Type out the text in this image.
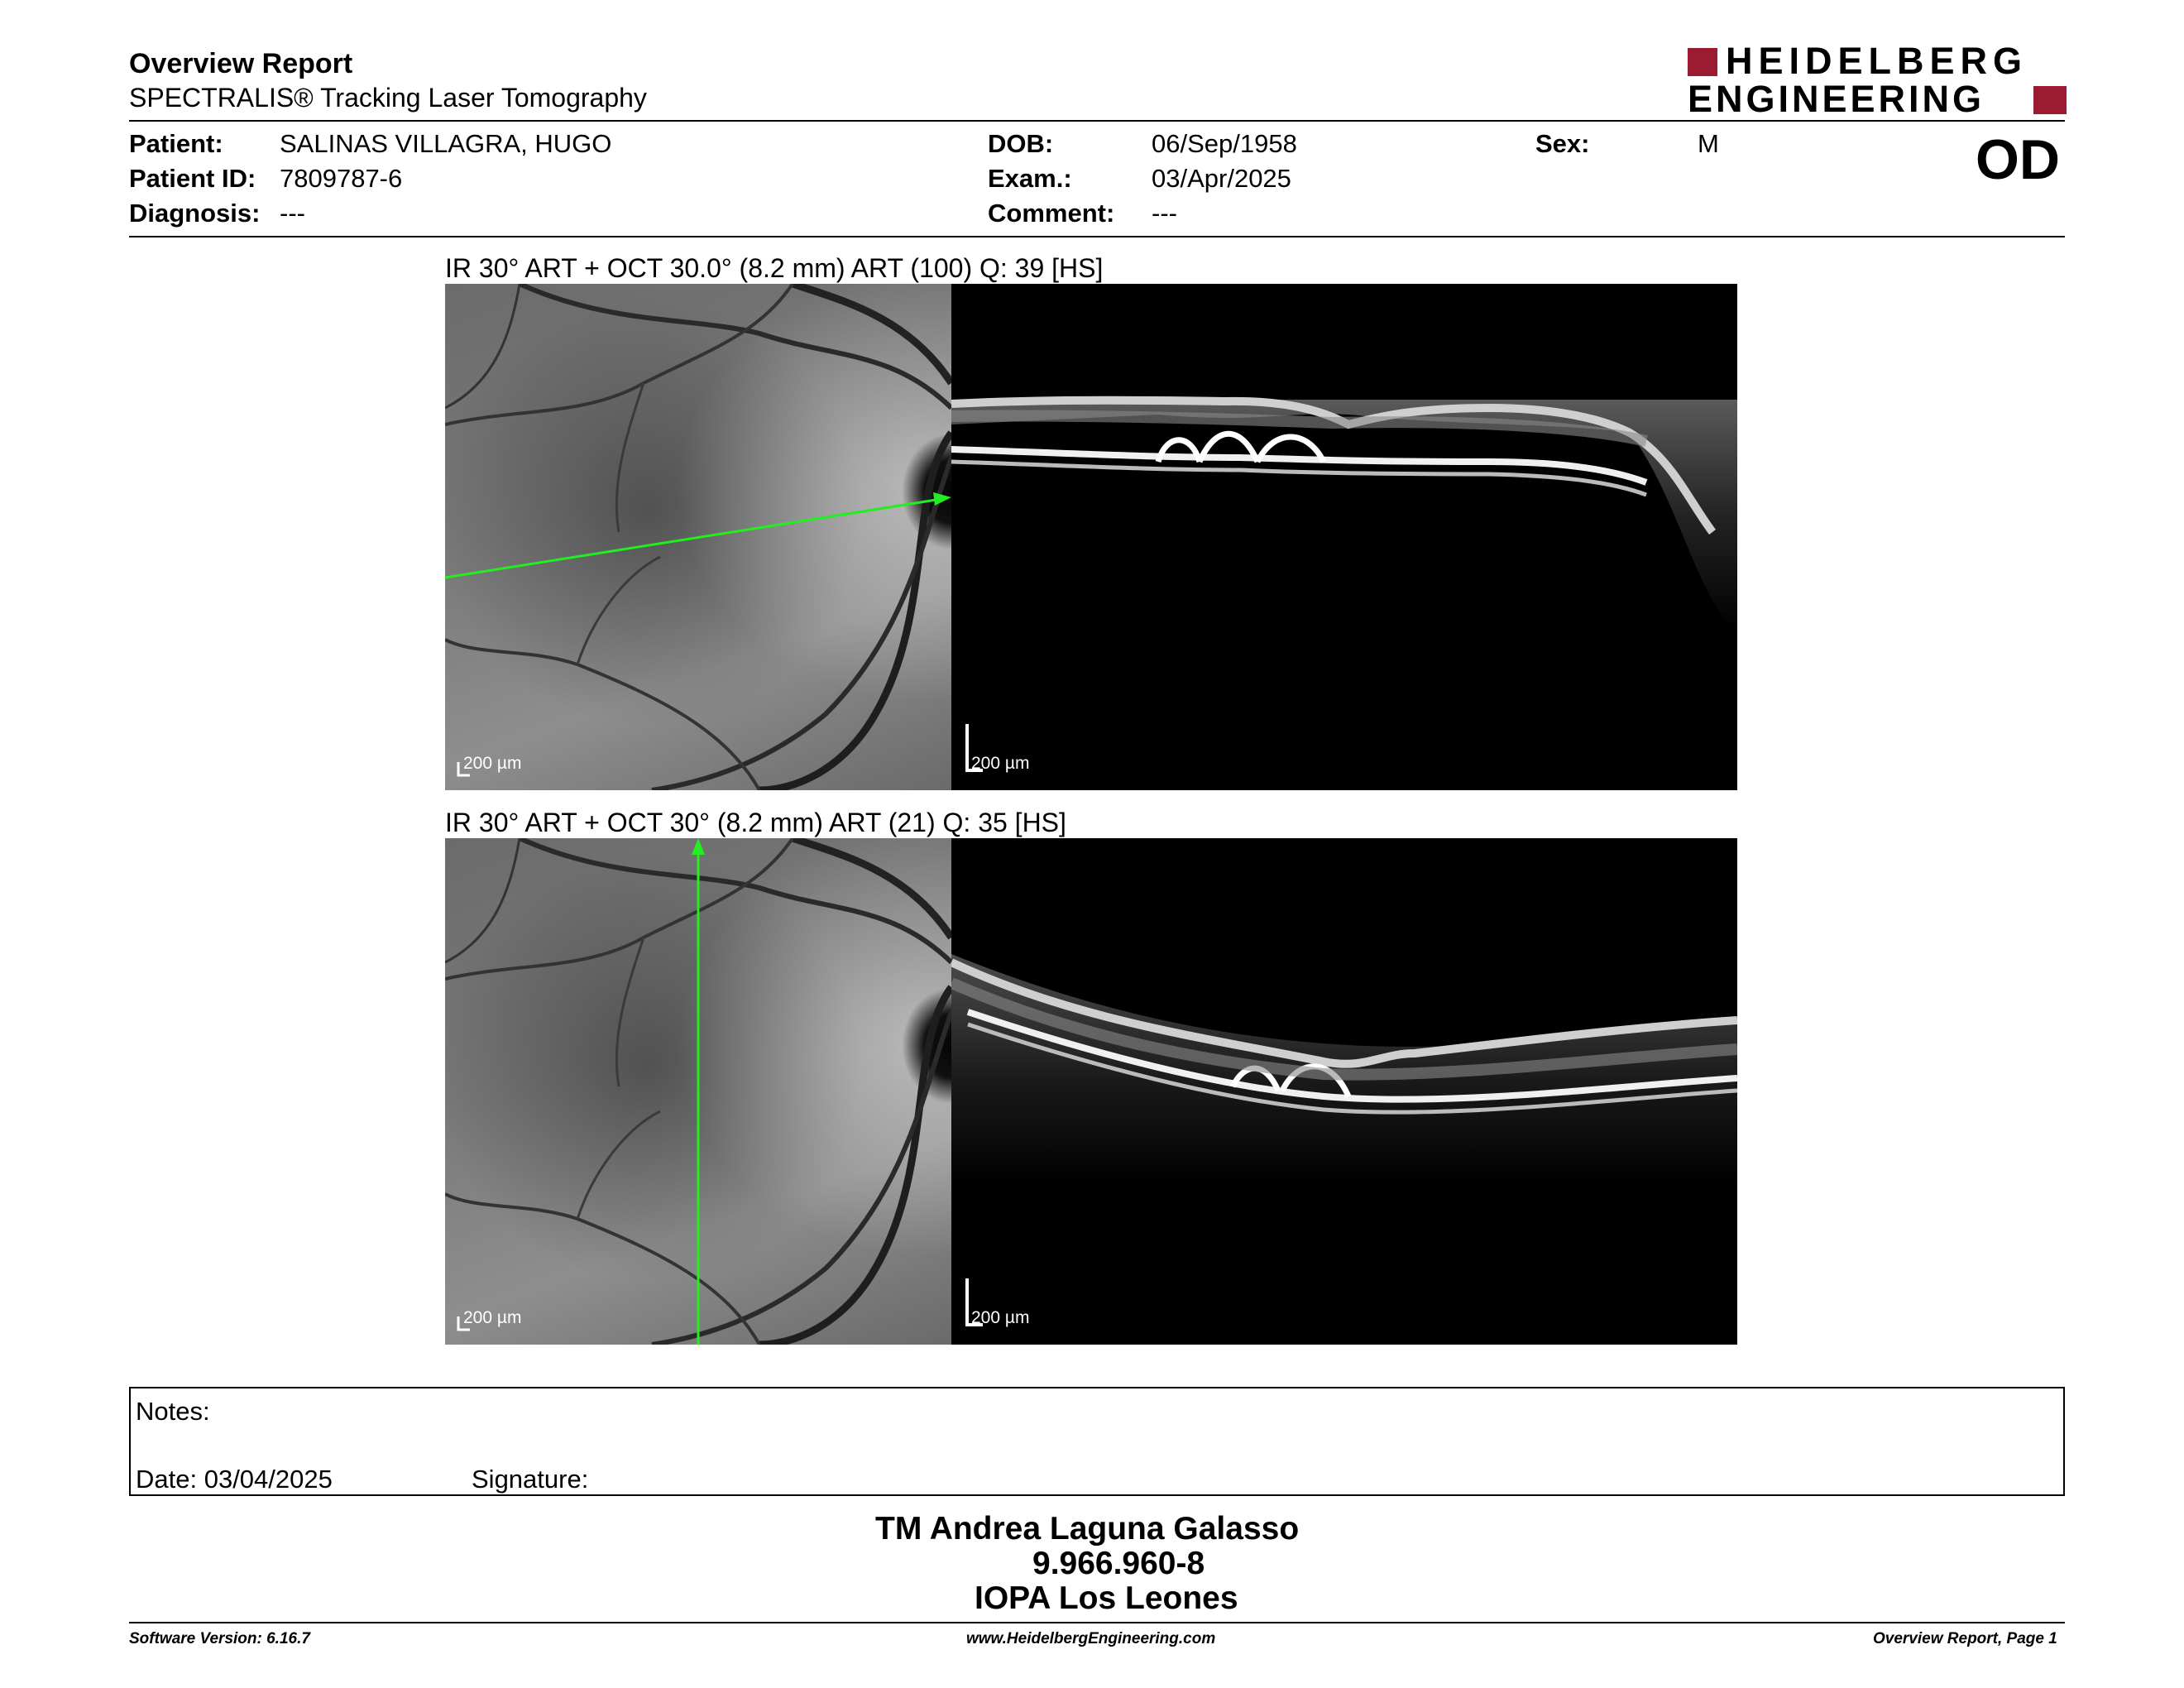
Overview Report
SPECTRALIS® Tracking Laser Tomography
HEIDELBERG
ENGINEERING
Patient: SALINAS VILLAGRA, HUGO
Patient ID: 7809787-6
Diagnosis: ---
DOB:	06/Sep/1958
Exam.:	03/Apr/2025
Comment: ---
Sex:	M	OD
IR 30° ART + OCT 30.0° (8.2 mm) ART (100) Q: 39 [HS]
200 µm	200 µm
IR 30° ART + OCT 30° (8.2 mm) ART (21) Q: 35 [HS]
200 µm	200 µm
Notes:
Date: 03/04/2025	Signature:
TM Andrea Laguna Galasso
9.966.960-8
IOPA Los Leones
Software Version: 6.16.7	www.HeidelbergEngineering.com	Overview Report, Page 1
